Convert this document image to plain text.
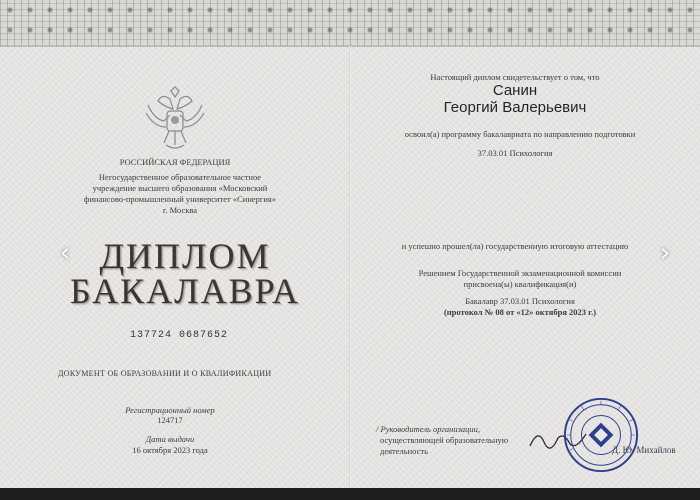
РОССИЙСКАЯ ФЕДЕРАЦИЯ

Негосударственное образовательное частное

учреждение высшего образования «Московский

финансово-промышленный университет «Синергия»

г. Москва

ДИПЛОМ
БАКАЛАВРА

137724 0687652

ДОКУМЕНТ ОБ ОБРАЗОВАНИИ И О КВАЛИФИКАЦИИ

Регистрационный номер

124717

Дата выдачи

16 октября 2023 года

Настоящий диплом свидетельствует о том, что

Санин

Георгий Валерьевич

освоил(а) программу бакалавриата по направлению подготовки

37.03.01 Психология

и успешно прошел(ла) государственную итоговую аттестацию

Решением Государственной экзаменационной комиссии

присвоена(ы) квалификация(и)

Бакалавр 37.03.01 Психология

(протокол № 08 от «12» октября 2023 г.)

/ Руководитель организации,

осуществляющей образовательную

деятельность	Д. Ю. Михайлов

‹	›
